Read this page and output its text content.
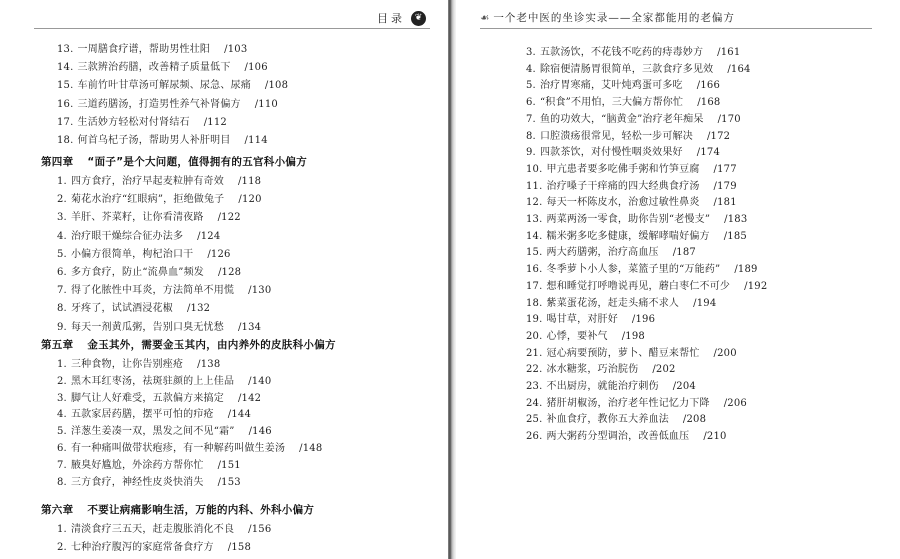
目录	❦
13. 一周膳食疗谱，帮助男性壮阳 /103
14. 三款辨治药膳，改善精子质量低下 /106
15. 车前竹叶甘草汤可解尿频、尿急、尿痛 /108
16. 三道药膳汤，打造男性养气补肾偏方 /110
17. 生活妙方轻松对付肾结石 /112
18. 何首乌杞子汤，帮助男人补肝明目 /114
第四章 “面子”是个大问题，值得拥有的五官科小偏方
1. 四方食疗，治疗早起麦粒肿有奇效 /118
2. 菊花水治疗“红眼病”，拒绝做兔子 /120
3. 羊肝、芥菜籽，让你看清夜路 /122
4. 治疗眼干燥综合征办法多 /124
5. 小偏方很简单，枸杞治口干 /126
6. 多方食疗，防止“流鼻血”频发 /128
7. 得了化脓性中耳炎，方法简单不用慌 /130
8. 牙疼了，试试酒浸花椒 /132
9. 每天一剂黄瓜粥，告别口臭无忧愁 /134
第五章 金玉其外，需要金玉其内，由内养外的皮肤科小偏方
1. 三种食物，让你告别痤疮 /138
2. 黑木耳红枣汤，祛斑驻颜的上上佳品 /140
3. 脚气让人好难受，五款偏方来搞定 /142
4. 五款家居药膳，摆平可怕的疖疮 /144
5. 洋葱生姜凑一双，黑发之间不见“霜” /146
6. 有一种痛叫做带状疱疹，有一种解药叫做生姜汤 /148
7. 腋臭好尴尬，外涂药方帮你忙 /151
8. 三方食疗，神经性皮炎快消失 /153
第六章 不要让病痛影响生活，万能的内科、外科小偏方
1. 清淡食疗三五天，赶走腹胀消化不良 /156
2. 七种治疗腹泻的家庭常备食疗方 /158
☙ 一个老中医的坐诊实录——全家都能用的老偏方
3. 五款汤饮，不花钱不吃药的痔毒妙方 /161
4. 除宿便清肠胃很简单，三款食疗多见效 /164
5. 治疗胃寒痛，艾叶炖鸡蛋可多吃 /166
6. “积食”不用怕，三大偏方帮你忙 /168
7. 鱼的功效大，“脑黄金”治疗老年痴呆 /170
8. 口腔溃疡很常见，轻松一步可解决 /172
9. 四款茶饮，对付慢性咽炎效果好 /174
10. 甲亢患者要多吃佛手粥和竹笋豆腐 /177
11. 治疗嗓子干痒痛的四大经典食疗汤 /179
12. 每天一杯陈皮水，治愈过敏性鼻炎 /181
13. 两菜两汤一零食，助你告别“老慢支” /183
14. 糯米粥多吃多健康，缓解哮喘好偏方 /185
15. 两大药膳粥，治疗高血压 /187
16. 冬季萝卜小人参，菜篮子里的“万能药” /189
17. 想和睡觉打呼噜说再见，蘑白枣仁不可少 /192
18. 紫菜蛋花汤，赶走头痛不求人 /194
19. 喝甘草，对肝好 /196
20. 心悸，要补气 /198
21. 冠心病要预防，萝卜、醋豆来帮忙 /200
22. 冰水糖浆，巧治脘伤 /202
23. 不出厨房，就能治疗刺伤 /204
24. 猪肝胡椒汤，治疗老年性记忆力下降 /206
25. 补血食疗，教你五大养血法 /208
26. 两大粥药分型调治，改善低血压 /210
